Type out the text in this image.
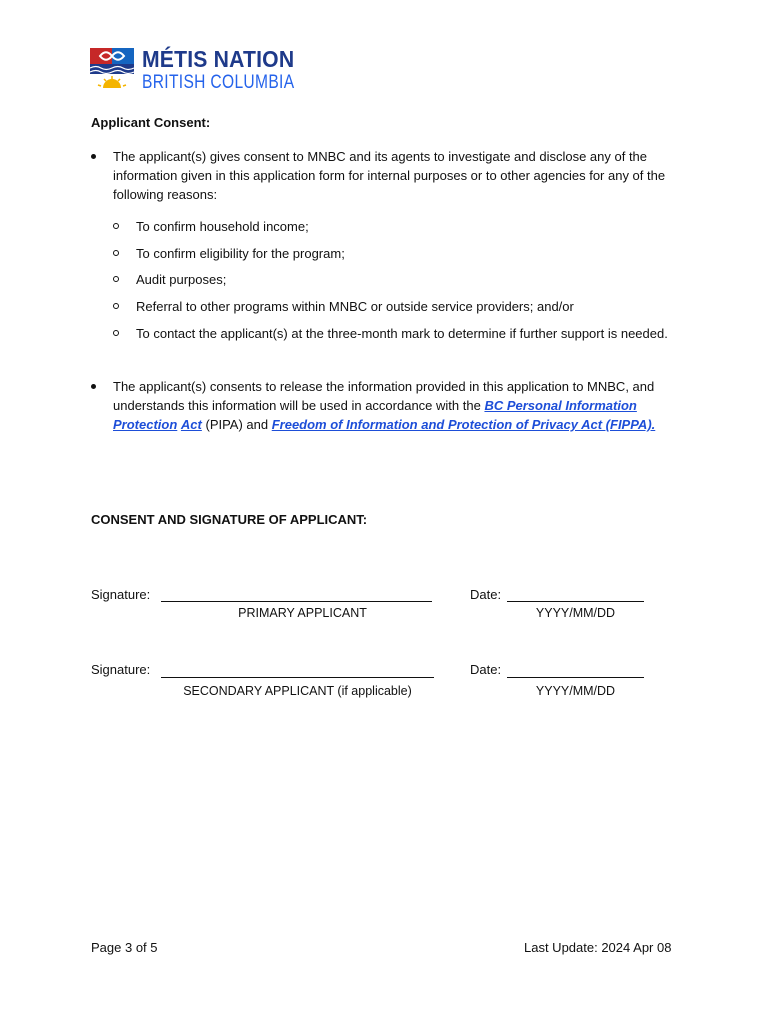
MÉTIS NATION
BRITISH COLUMBIA
Applicant Consent:
The applicant(s) gives consent to MNBC and its agents to investigate and disclose any of the information given in this application form for internal purposes or to other agencies for any of the following reasons:
To confirm household income;
To confirm eligibility for the program;
Audit purposes;
Referral to other programs within MNBC or outside service providers; and/or
To contact the applicant(s) at the three-month mark to determine if further support is needed.
The applicant(s) consents to release the information provided in this application to MNBC, and understands this information will be used in accordance with the BC Personal Information Protection Act (PIPA) and Freedom of Information and Protection of Privacy Act (FIPPA).
CONSENT AND SIGNATURE OF APPLICANT:
Signature:
PRIMARY APPLICANT
Date:
YYYY/MM/DD
Signature:
SECONDARY APPLICANT (if applicable)
Date:
YYYY/MM/DD
Page 3 of 5	Last Update: 2024 Apr 08
